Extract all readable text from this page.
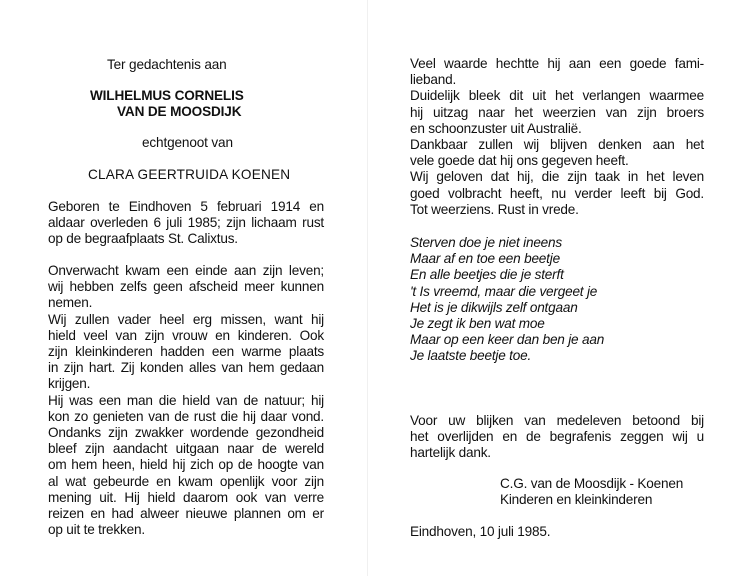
Ter gedachtenis aan
WILHELMUS CORNELIS
VAN DE MOOSDIJK
echtgenoot van
CLARA GEERTRUIDA KOENEN
Geboren te Eindhoven 5 februari 1914 en
aldaar overleden 6 juli 1985; zijn lichaam rust
op de begraafplaats St. Calixtus.
Onverwacht kwam een einde aan zijn leven;
wij hebben zelfs geen afscheid meer kunnen
nemen.
Wij zullen vader heel erg missen, want hij
hield veel van zijn vrouw en kinderen. Ook
zijn kleinkinderen hadden een warme plaats
in zijn hart. Zij konden alles van hem gedaan
krijgen.
Hij was een man die hield van de natuur; hij
kon zo genieten van de rust die hij daar vond.
Ondanks zijn zwakker wordende gezondheid
bleef zijn aandacht uitgaan naar de wereld
om hem heen, hield hij zich op de hoogte van
al wat gebeurde en kwam openlijk voor zijn
mening uit. Hij hield daarom ook van verre
reizen en had alweer nieuwe plannen om er
op uit te trekken.
Veel waarde hechtte hij aan een goede fami-
lieband.
Duidelijk bleek dit uit het verlangen waarmee
hij uitzag naar het weerzien van zijn broers
en schoonzuster uit Australië.
Dankbaar zullen wij blijven denken aan het
vele goede dat hij ons gegeven heeft.
Wij geloven dat hij, die zijn taak in het leven
goed volbracht heeft, nu verder leeft bij God.
Tot weerziens. Rust in vrede.
Sterven doe je niet ineens
Maar af en toe een beetje
En alle beetjes die je sterft
't Is vreemd, maar die vergeet je
Het is je dikwijls zelf ontgaan
Je zegt ik ben wat moe
Maar op een keer dan ben je aan
Je laatste beetje toe.
Voor uw blijken van medeleven betoond bij
het overlijden en de begrafenis zeggen wij u
hartelijk dank.
C.G. van de Moosdijk - Koenen
Kinderen en kleinkinderen
Eindhoven, 10 juli 1985.
